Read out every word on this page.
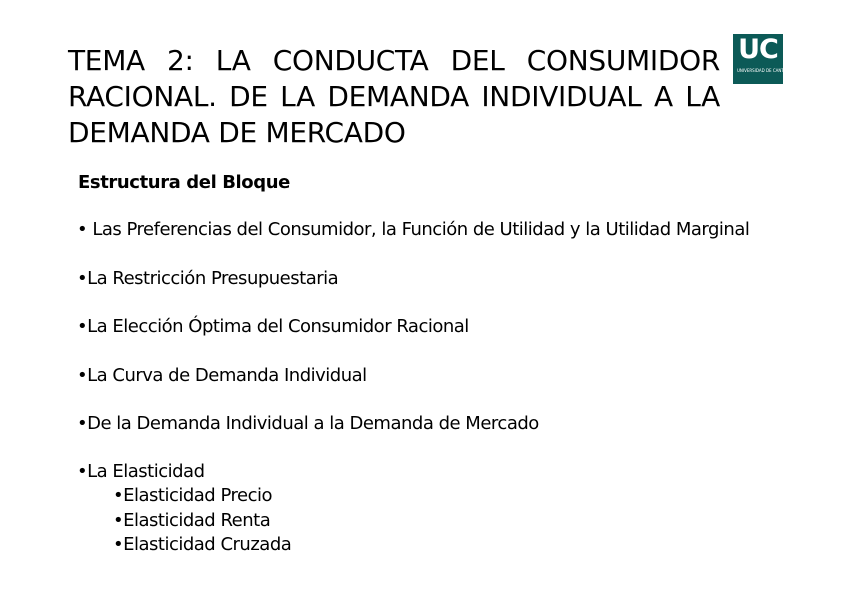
TEMA 2: LA CONDUCTA DEL CONSUMIDOR RACIONAL. DE LA DEMANDA INDIVIDUAL A LA DEMANDA DE MERCADO
UC
UNIVERSIDAD DE CANTABRIA

Estructura del Bloque

• Las Preferencias del Consumidor, la Función de Utilidad y la Utilidad Marginal

•La Restricción Presupuestaria

•La Elección Óptima del Consumidor Racional

•La Curva de Demanda Individual

•De la Demanda Individual a la Demanda de Mercado

•La Elasticidad

•Elasticidad Precio

•Elasticidad Renta

•Elasticidad Cruzada
